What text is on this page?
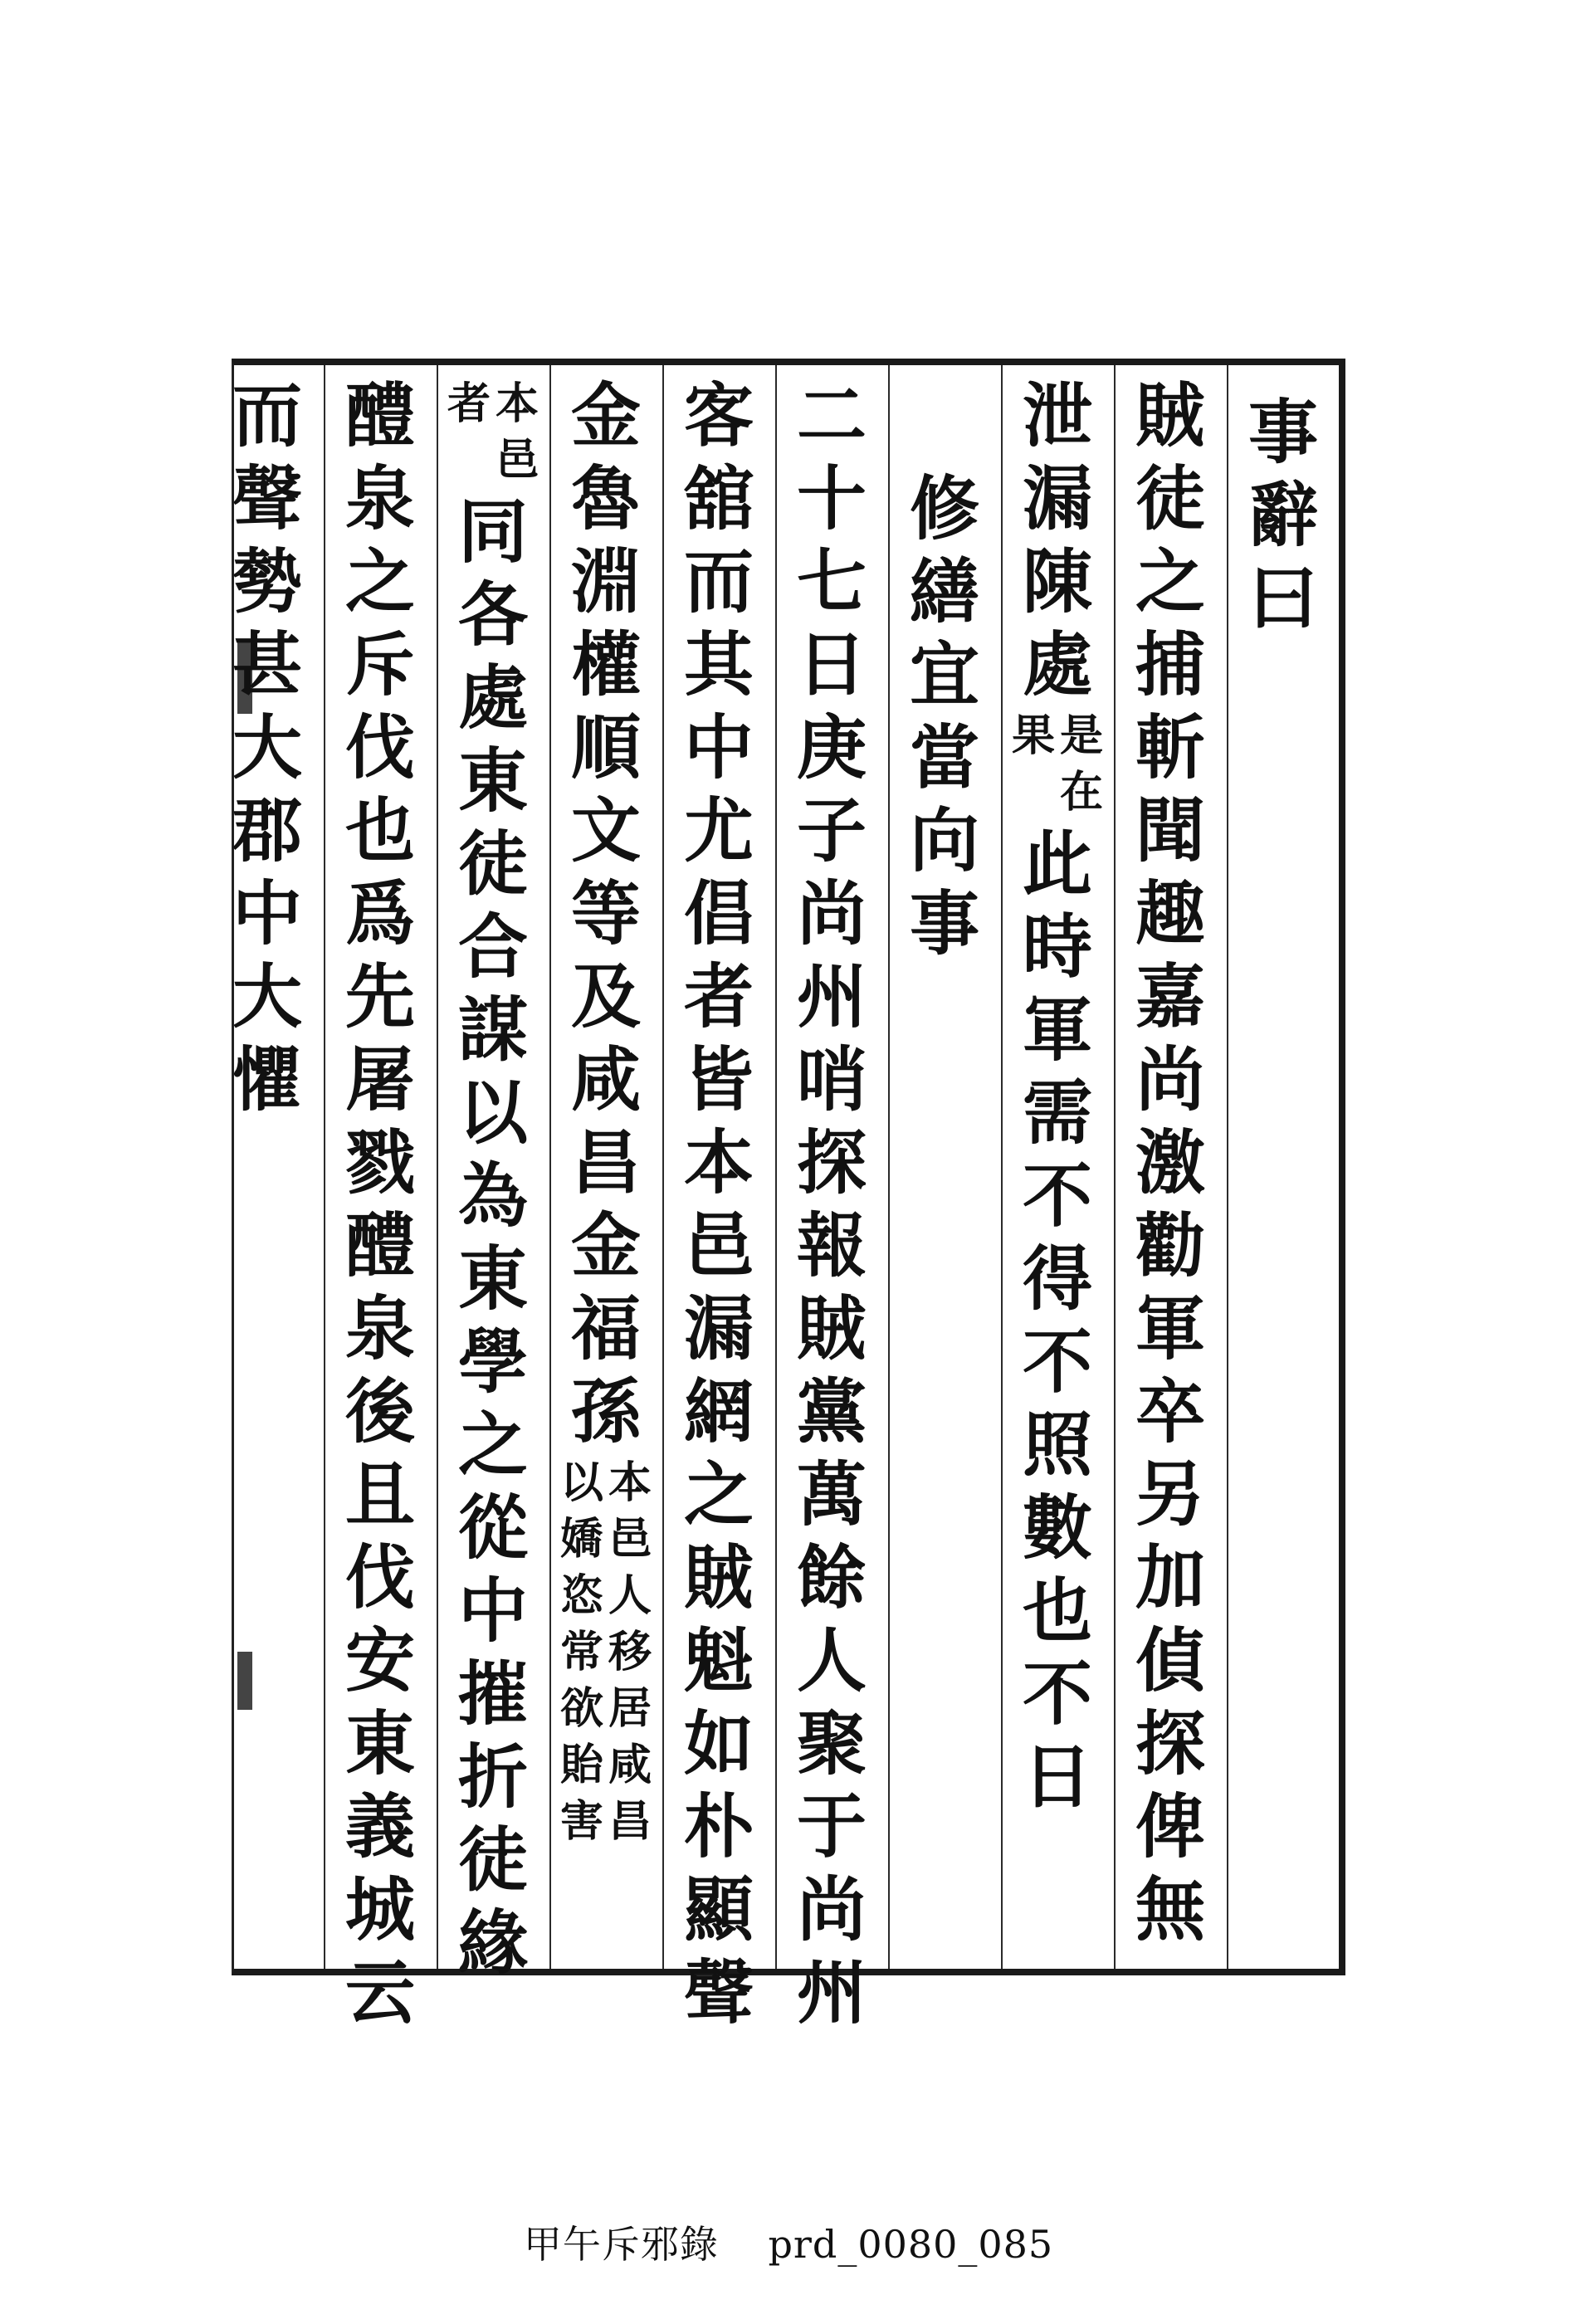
事
辭
曰
賊
徒
之
捕
斬
聞
趣
嘉
尚
激
勸
軍
卒
另
加
偵
探
俾
無
泄
漏
陳
處
是
在
果
此
時
軍
需
不
得
不
照
數
也
不
日
修
繕
宜
當
向
事
二
十
七
日
庚
子
尚
州
哨
探
報
賊
黨
萬
餘
人
聚
于
尚
州
客
舘
而
其
中
尤
倡
者
皆
本
邑
漏
網
之
賊
魁
如
朴
顯
聲
金
魯
淵
權
順
文
等
及
咸
昌
金
福
孫
本
邑
人
移
居
咸
昌
以
嬌
恣
常
欲
貽
害
本
邑
者
同
各
處
東
徒
合
謀
以
為
東
學
之
從
中
摧
折
徒
緣
醴
泉
之
斥
伐
也
爲
先
屠
戮
醴
泉
後
且
伐
安
東
義
城
云
而
聲
勢
甚
大
郡
中
大
懼
甲午斥邪錄 prd_0080_085
